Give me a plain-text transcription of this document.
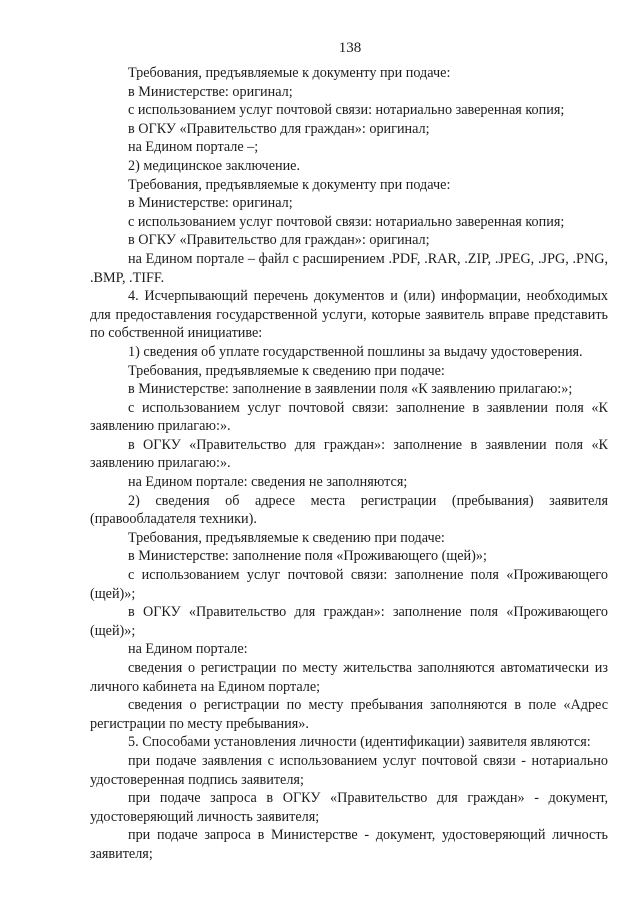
138

Требования, предъявляемые к документу при подаче:

в Министерстве: оригинал;

с использованием услуг почтовой связи: нотариально заверенная копия;

в ОГКУ «Правительство для граждан»: оригинал;

на Едином портале –;

2) медицинское заключение.

Требования, предъявляемые к документу при подаче:

в Министерстве: оригинал;

с использованием услуг почтовой связи: нотариально заверенная копия;

в ОГКУ «Правительство для граждан»: оригинал;

на Едином портале – файл с расширением .PDF, .RAR, .ZIP, .JPEG, .JPG, .PNG, .BMP, .TIFF.

4. Исчерпывающий перечень документов и (или) информации, необходимых для предоставления государственной услуги, которые заявитель вправе представить по собственной инициативе:

1) сведения об уплате государственной пошлины за выдачу удостоверения.

Требования, предъявляемые к сведению при подаче:

в Министерстве: заполнение в заявлении поля «К заявлению прилагаю:»;

с использованием услуг почтовой связи: заполнение в заявлении поля «К заявлению прилагаю:».

в ОГКУ «Правительство для граждан»: заполнение в заявлении поля «К заявлению прилагаю:».

на Едином портале: сведения не заполняются;

2) сведения об адресе места регистрации (пребывания) заявителя (правообладателя техники).

Требования, предъявляемые к сведению при подаче:

в Министерстве: заполнение поля «Проживающего (щей)»;

с использованием услуг почтовой связи: заполнение поля «Проживающего (щей)»;

в ОГКУ «Правительство для граждан»: заполнение поля «Проживающего (щей)»;

на Едином портале:

сведения о регистрации по месту жительства заполняются автоматически из личного кабинета на Едином портале;

сведения о регистрации по месту пребывания заполняются в поле «Адрес регистрации по месту пребывания».

5. Способами установления личности (идентификации) заявителя являются:

при подаче заявления с использованием услуг почтовой связи - нотариально удостоверенная подпись заявителя;

при подаче запроса в ОГКУ «Правительство для граждан» - документ, удостоверяющий личность заявителя;

при подаче запроса в Министерстве - документ, удостоверяющий личность заявителя;
